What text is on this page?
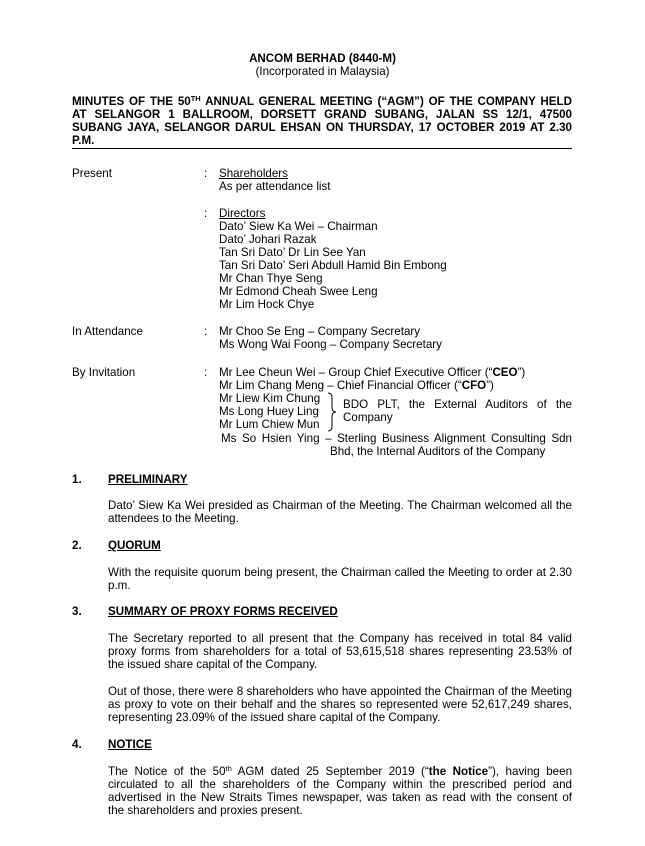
ANCOM BERHAD (8440-M)
(Incorporated in Malaysia)
MINUTES OF THE 50TH ANNUAL GENERAL MEETING (“AGM”) OF THE COMPANY HELD
AT SELANGOR 1 BALLROOM, DORSETT GRAND SUBANG, JALAN SS 12/1, 47500
SUBANG JAYA, SELANGOR DARUL EHSAN ON THURSDAY, 17 OCTOBER 2019 AT 2.30
P.M.
Present	: Shareholders
As per attendance list
: Directors
Dato’ Siew Ka Wei – Chairman
Dato’ Johari Razak
Tan Sri Dato’ Dr Lin See Yan
Tan Sri Dato’ Seri Abdull Hamid Bin Embong
Mr Chan Thye Seng
Mr Edmond Cheah Swee Leng
Mr Lim Hock Chye
In Attendance	: Mr Choo Se Eng – Company Secretary
Ms Wong Wai Foong – Company Secretary
By Invitation	: Mr Lee Cheun Wei – Group Chief Executive Officer (“CEO”)
Mr Lim Chang Meng – Chief Financial Officer (“CFO”)
Mr Liew Kim Chung
Ms Long Huey Ling
Mr Lum Chiew Mun
BDO PLT, the External Auditors of the
Company
Ms So Hsien Ying – Sterling Business Alignment Consulting Sdn
Bhd, the Internal Auditors of the Company
1. PRELIMINARY
Dato’ Siew Ka Wei presided as Chairman of the Meeting. The Chairman welcomed all the
attendees to the Meeting.
2. QUORUM
With the requisite quorum being present, the Chairman called the Meeting to order at 2.30
p.m.
3. SUMMARY OF PROXY FORMS RECEIVED
The Secretary reported to all present that the Company has received in total 84 valid
proxy forms from shareholders for a total of 53,615,518 shares representing 23.53% of
the issued share capital of the Company.
Out of those, there were 8 shareholders who have appointed the Chairman of the Meeting
as proxy to vote on their behalf and the shares so represented were 52,617,249 shares,
representing 23.09% of the issued share capital of the Company.
4. NOTICE
The Notice of the 50th AGM dated 25 September 2019 (“the Notice”), having been
circulated to all the shareholders of the Company within the prescribed period and
advertised in the New Straits Times newspaper, was taken as read with the consent of
the shareholders and proxies present.
